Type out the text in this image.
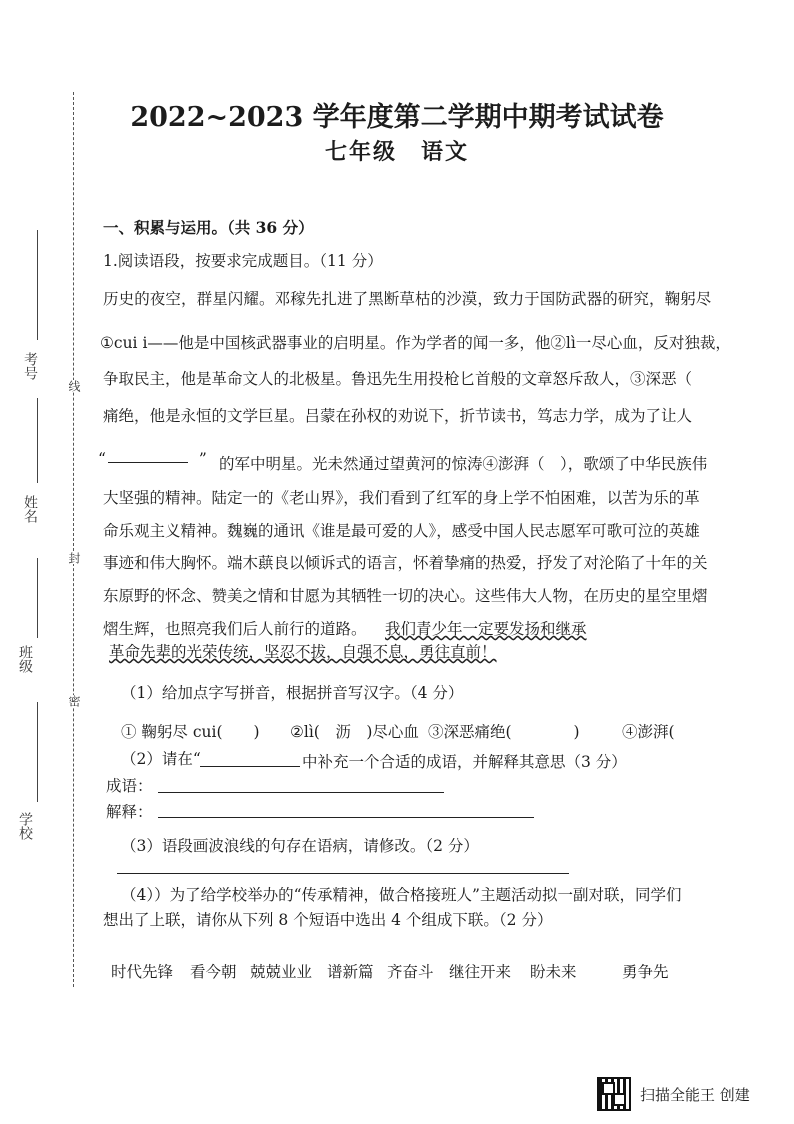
考号
姓名
班级
学校
线
封
密
2022~2023 学年度第二学期中期考试试卷
七年级　语文
一、积累与运用。（共 36 分）
1.阅读语段，按要求完成题目。（11 分）
历史的夜空，群星闪耀。邓稼先扎进了黑断草枯的沙漠，致力于国防武器的研究，鞠躬尽
①cui i——他是中国核武器事业的启明星。作为学者的闻一多，他②lì一尽心血，反对独裁，
争取民主，他是革命文人的北极星。鲁迅先生用投枪匕首般的文章怒斥敌人，③深恶（
痛绝，他是永恒的文学巨星。吕蒙在孙权的劝说下，折节读书，笃志力学，成为了让人
“　　　　　　” 的军中明星。光未然通过望黄河的惊涛④澎湃（　），歌颂了中华民族伟
大坚强的精神。陆定一的《老山界》，我们看到了红军的身上学不怕困难，以苦为乐的革
命乐观主义精神。魏巍的通讯《谁是最可爱的人》，感受中国人民志愿军可歌可泣的英雄
事迹和伟大胸怀。端木蕻良以倾诉式的语言，怀着挚痛的热爱，抒发了对沦陷了十年的关
东原野的怀念、赞美之情和甘愿为其牺牲一切的决心。这些伟大人物，在历史的星空里熠
熠生辉，也照亮我们后人前行的道路。 我们青少年一定要发扬和继承
革命先辈的光荣传统，坚忍不拔，自强不息，勇往直前！
（1）给加点字写拼音，根据拼音写汉字。（4 分）
① 鞠躬尽 cui(　　) ②lì(　沥　)尽心血 ③深恶痛绝(　　　　)	④澎湃(
（2）请在“	中补充一个合适的成语，并解释其意思（3 分）
成语：
解释：
（3）语段画波浪线的句存在语病，请修改。（2 分）
（4））为了给学校举办的“传承精神，做合格接班人”主题活动拟一副对联，同学们
想出了上联，请你从下列 8 个短语中选出 4 个组成下联。（2 分）
时代先锋 看今朝 兢兢业业 谱新篇 齐奋斗 继往开来 盼未来	勇争先
扫描全能王 创建
